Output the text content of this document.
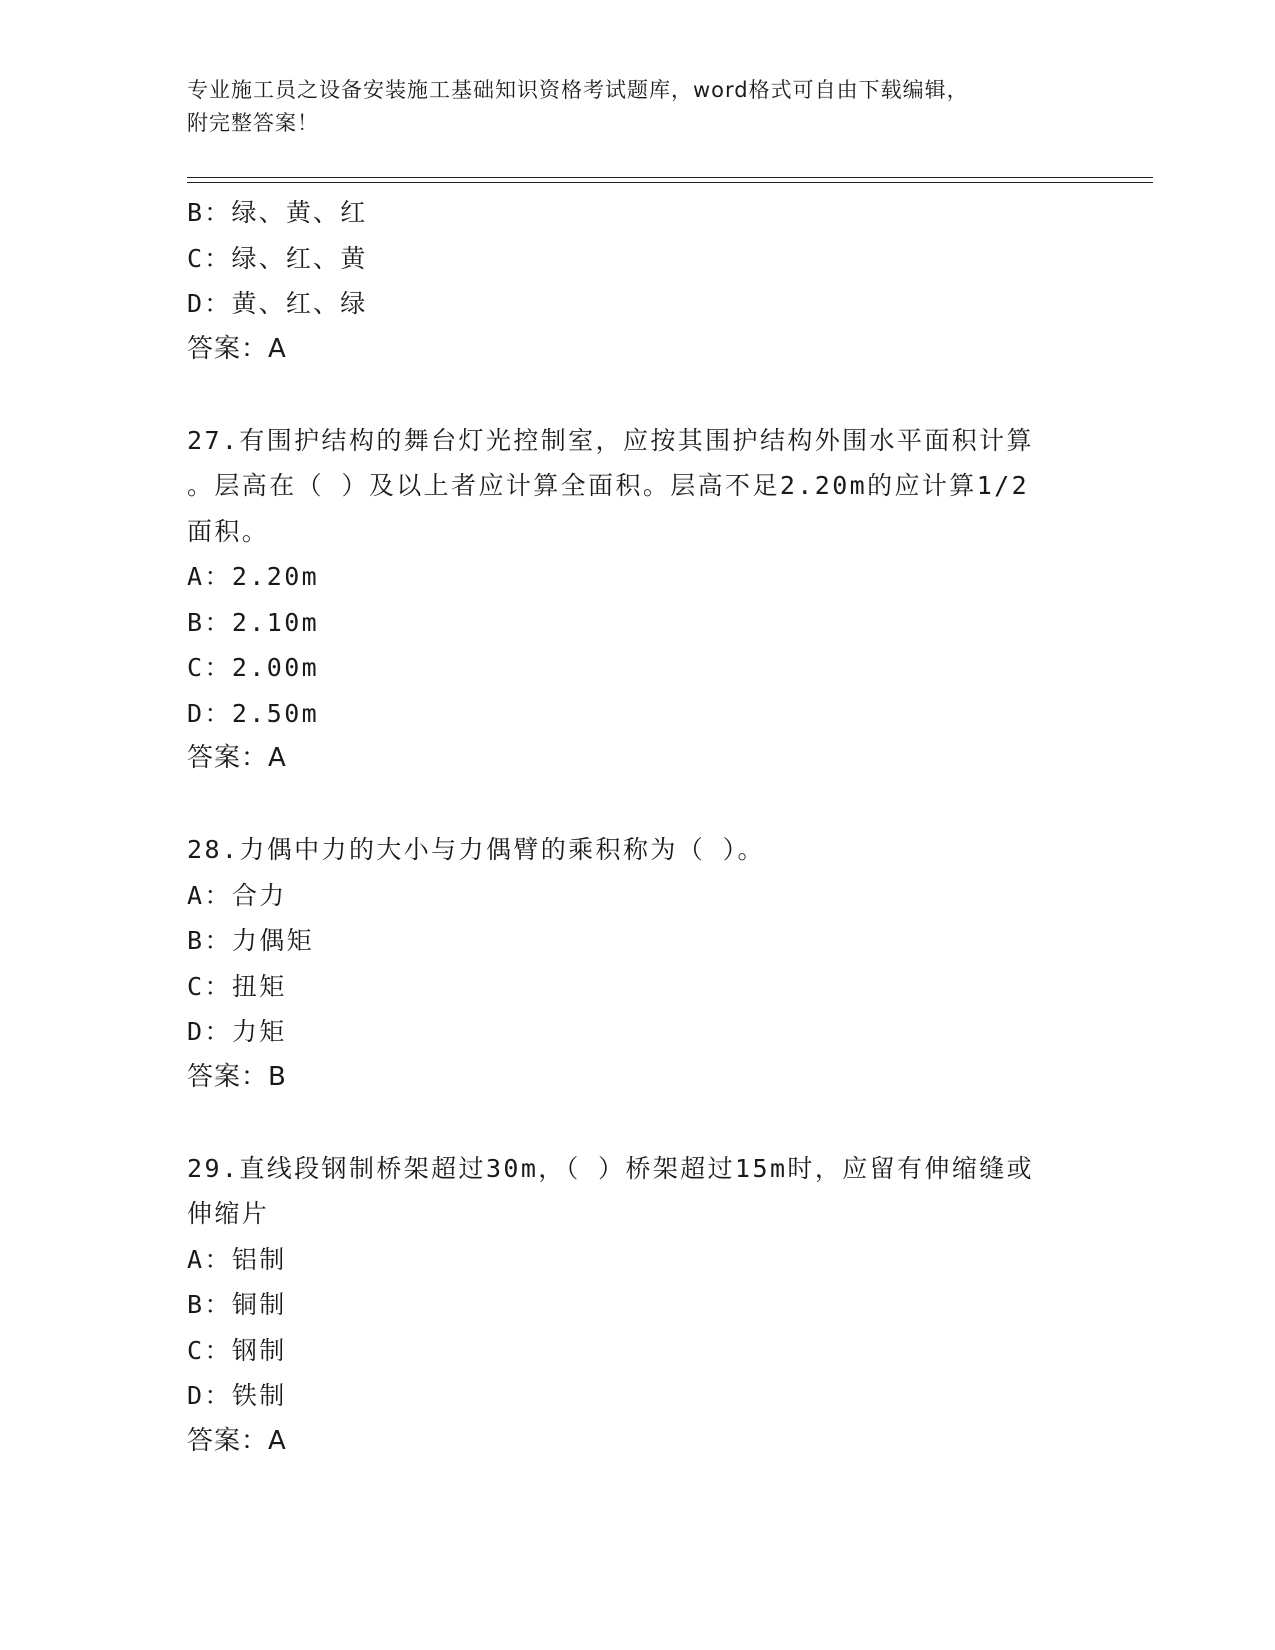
专业施工员之设备安装施工基础知识资格考试题库，word格式可自由下载编辑，
附完整答案！
B：绿、黄、红
C：绿、红、黄
D：黄、红、绿
答案：A
27.有围护结构的舞台灯光控制室，应按其围护结构外围水平面积计算
。层高在（ ）及以上者应计算全面积。层高不足2.20m的应计算1/2
面积。
A：2.20m
B：2.10m
C：2.00m
D：2.50m
答案：A
28.力偶中力的大小与力偶臂的乘积称为（ ）。
A：合力
B：力偶矩
C：扭矩
D：力矩
答案：B
29.直线段钢制桥架超过30m，（ ）桥架超过15m时，应留有伸缩缝或
伸缩片
A：铝制
B：铜制
C：钢制
D：铁制
答案：A
